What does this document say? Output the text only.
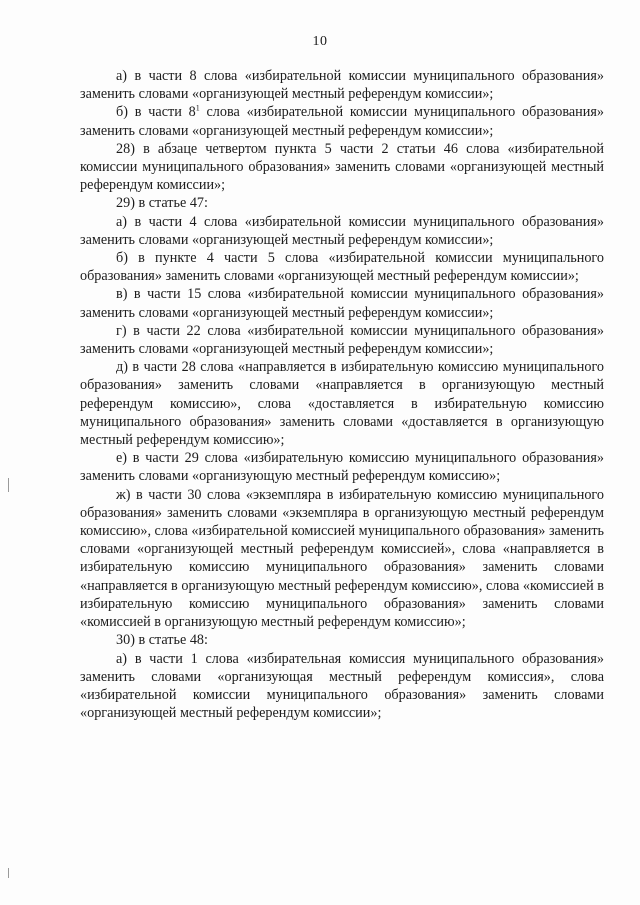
10

а) в части 8 слова «избирательной комиссии муниципального образования» заменить словами «организующей местный референдум комиссии»;

б) в части $8^1$ слова «избирательной комиссии муниципального образования» заменить словами «организующей местный референдум комиссии»;

28) в абзаце четвертом пункта 5 части 2 статьи 46 слова «избирательной комиссии муниципального образования» заменить словами «организующей местный референдум комиссии»;

29) в статье 47:

а) в части 4 слова «избирательной комиссии муниципального образования» заменить словами «организующей местный референдум комиссии»;

б) в пункте 4 части 5 слова «избирательной комиссии муниципального образования» заменить словами «организующей местный референдум комиссии»;

в) в части 15 слова «избирательной комиссии муниципального образования» заменить словами «организующей местный референдум комиссии»;

г) в части 22 слова «избирательной комиссии муниципального образования» заменить словами «организующей местный референдум комиссии»;

д) в части 28 слова «направляется в избирательную комиссию муниципального образования» заменить словами «направляется в организующую местный референдум комиссию», слова «доставляется в избирательную комиссию муниципального образования» заменить словами «доставляется в организующую местный референдум комиссию»;

е) в части 29 слова «избирательную комиссию муниципального образования» заменить словами «организующую местный референдум комиссию»;

ж) в части 30 слова «экземпляра в избирательную комиссию муниципального образования» заменить словами «экземпляра в организующую местный референдум комиссию», слова «избирательной комиссией муниципального образования» заменить словами «организующей местный референдум комиссией», слова «направляется в избирательную комиссию муниципального образования» заменить словами «направляется в организующую местный референдум комиссию», слова «комиссией в избирательную комиссию муниципального образования» заменить словами «комиссией в организующую местный референдум комиссию»;

30) в статье 48:

а) в части 1 слова «избирательная комиссия муниципального образования» заменить словами «организующая местный референдум комиссия», слова «избирательной комиссии муниципального образования» заменить словами «организующей местный референдум комиссии»;
